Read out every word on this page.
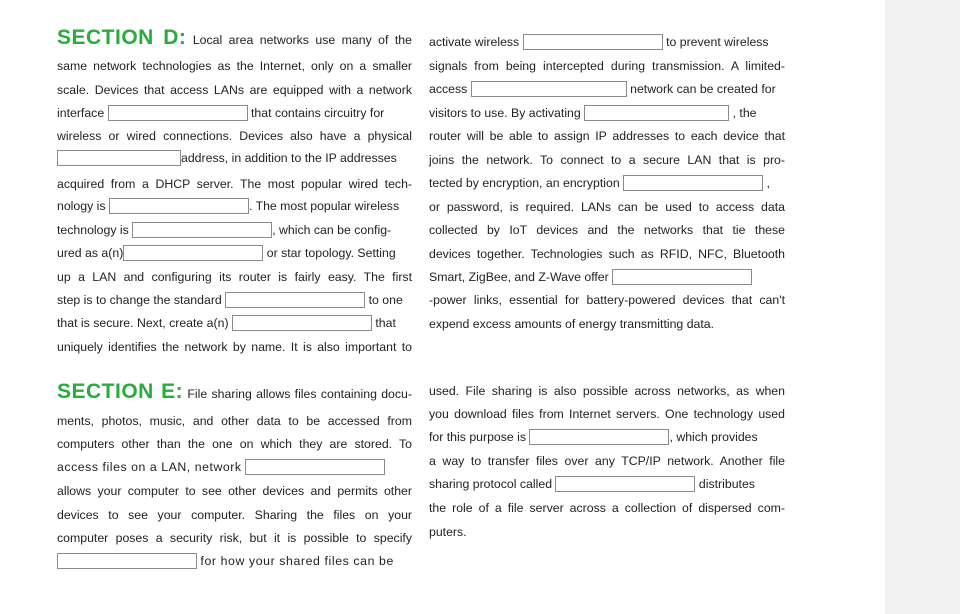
SECTION D: Local area networks use many of the
same network technologies as the Internet, only on a smaller
scale. Devices that access LANs are equipped with a network
interface	that contains circuitry for
wireless or wired connections. Devices also have a physical
address, in addition to the IP addresses
acquired from a DHCP server. The most popular wired tech-
nology is	. The most popular wireless
technology is	, which can be config-
ured as a(n)	or star topology. Setting
up a LAN and configuring its router is fairly easy. The first
step is to change the standard	to one
that is secure. Next, create a(n)	that
uniquely identifies the network by name. It is also important to
activate wireless	to prevent wireless
signals from being intercepted during transmission. A limited-
access	network can be created for
visitors to use. By activating	, the
router will be able to assign IP addresses to each device that
joins the network. To connect to a secure LAN that is pro-
tected by encryption, an encryption	,
or password, is required. LANs can be used to access data
collected by IoT devices and the networks that tie these
devices together. Technologies such as RFID, NFC, Bluetooth
Smart, ZigBee, and Z-Wave offer
-power links, essential for battery-powered devices that can't
expend excess amounts of energy transmitting data.
SECTION E: File sharing allows files containing docu-
ments, photos, music, and other data to be accessed from
computers other than the one on which they are stored. To
access files on a LAN, network
allows your computer to see other devices and permits other
devices to see your computer. Sharing the files on your
computer poses a security risk, but it is possible to specify
for how your shared files can be
used. File sharing is also possible across networks, as when
you download files from Internet servers. One technology used
for this purpose is	, which provides
a way to transfer files over any TCP/IP network. Another file
sharing protocol called	distributes
the role of a file server across a collection of dispersed com-
puters.
